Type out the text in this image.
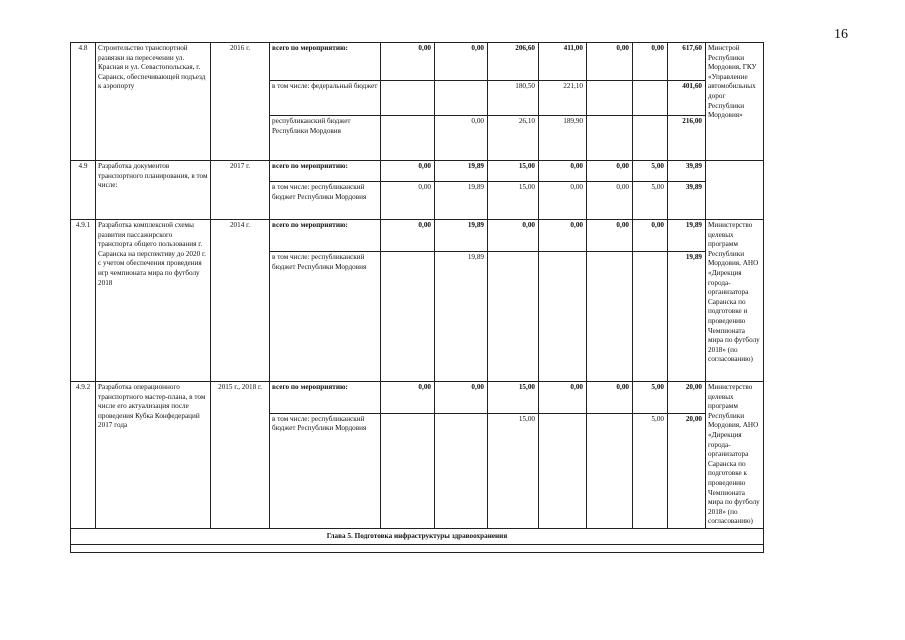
16
4.8	Строительство транспортной развязки на пересечении ул. Красная и ул. Севастопольская, г. Саранск, обеспечивающей подъезд к аэропорту	2016 г.	всего по мероприятию:	0,00	0,00	206,60	411,00	0,00	0,00	617,60	Минстрой Республики Мордовия, ГКУ «Управление автомобильных дорог Республики Мордовия»
			в том числе: федеральный бюджет			180,50	221,10			401,60	
			республиканский бюджет Республики Мордовия		0,00	26,10	189,90			216,00	
4.9	Разработка документов транспортного планирования, в том числе:	2017 г.	всего по мероприятию:	0,00	19,89	15,00	0,00	0,00	5,00	39,89	
			в том числе: республиканский бюджет Республики Мордовия	0,00	19,89	15,00	0,00	0,00	5,00	39,89	
4.9.1	Разработка комплексной схемы развития пассажирского транспорта общего пользования г. Саранска на перспективу до 2020 г. с учетом обеспечения проведения игр чемпионата мира по футболу 2018	2014 г.	всего по мероприятию:	0,00	19,89	0,00	0,00	0,00	0,00	19,89	Министерство целевых программ Республики Мордовия, АНО «Дирекция города-организатора Саранска по подготовке и проведению Чемпионата мира по футболу 2018» (по согласованию)
			в том числе: республиканский бюджет Республики Мордовия		19,89					19,89	
4.9.2	Разработка операционного транспортного мастер-плана, в том числе его актуализация после проведения Кубка Конфедераций 2017 года	2015 г., 2018 г.	всего по мероприятию:	0,00	0,00	15,00	0,00	0,00	5,00	20,00	Министерство целевых программ Республики Мордовия, АНО «Дирекция города-организатора Саранска по подготовке к проведению Чемпионата мира по футболу 2018» (по согласованию)
			в том числе: республиканский бюджет Республики Мордовия			15,00			5,00	20,00	
Глава 5. Подготовка инфраструктуры здравоохранения											
